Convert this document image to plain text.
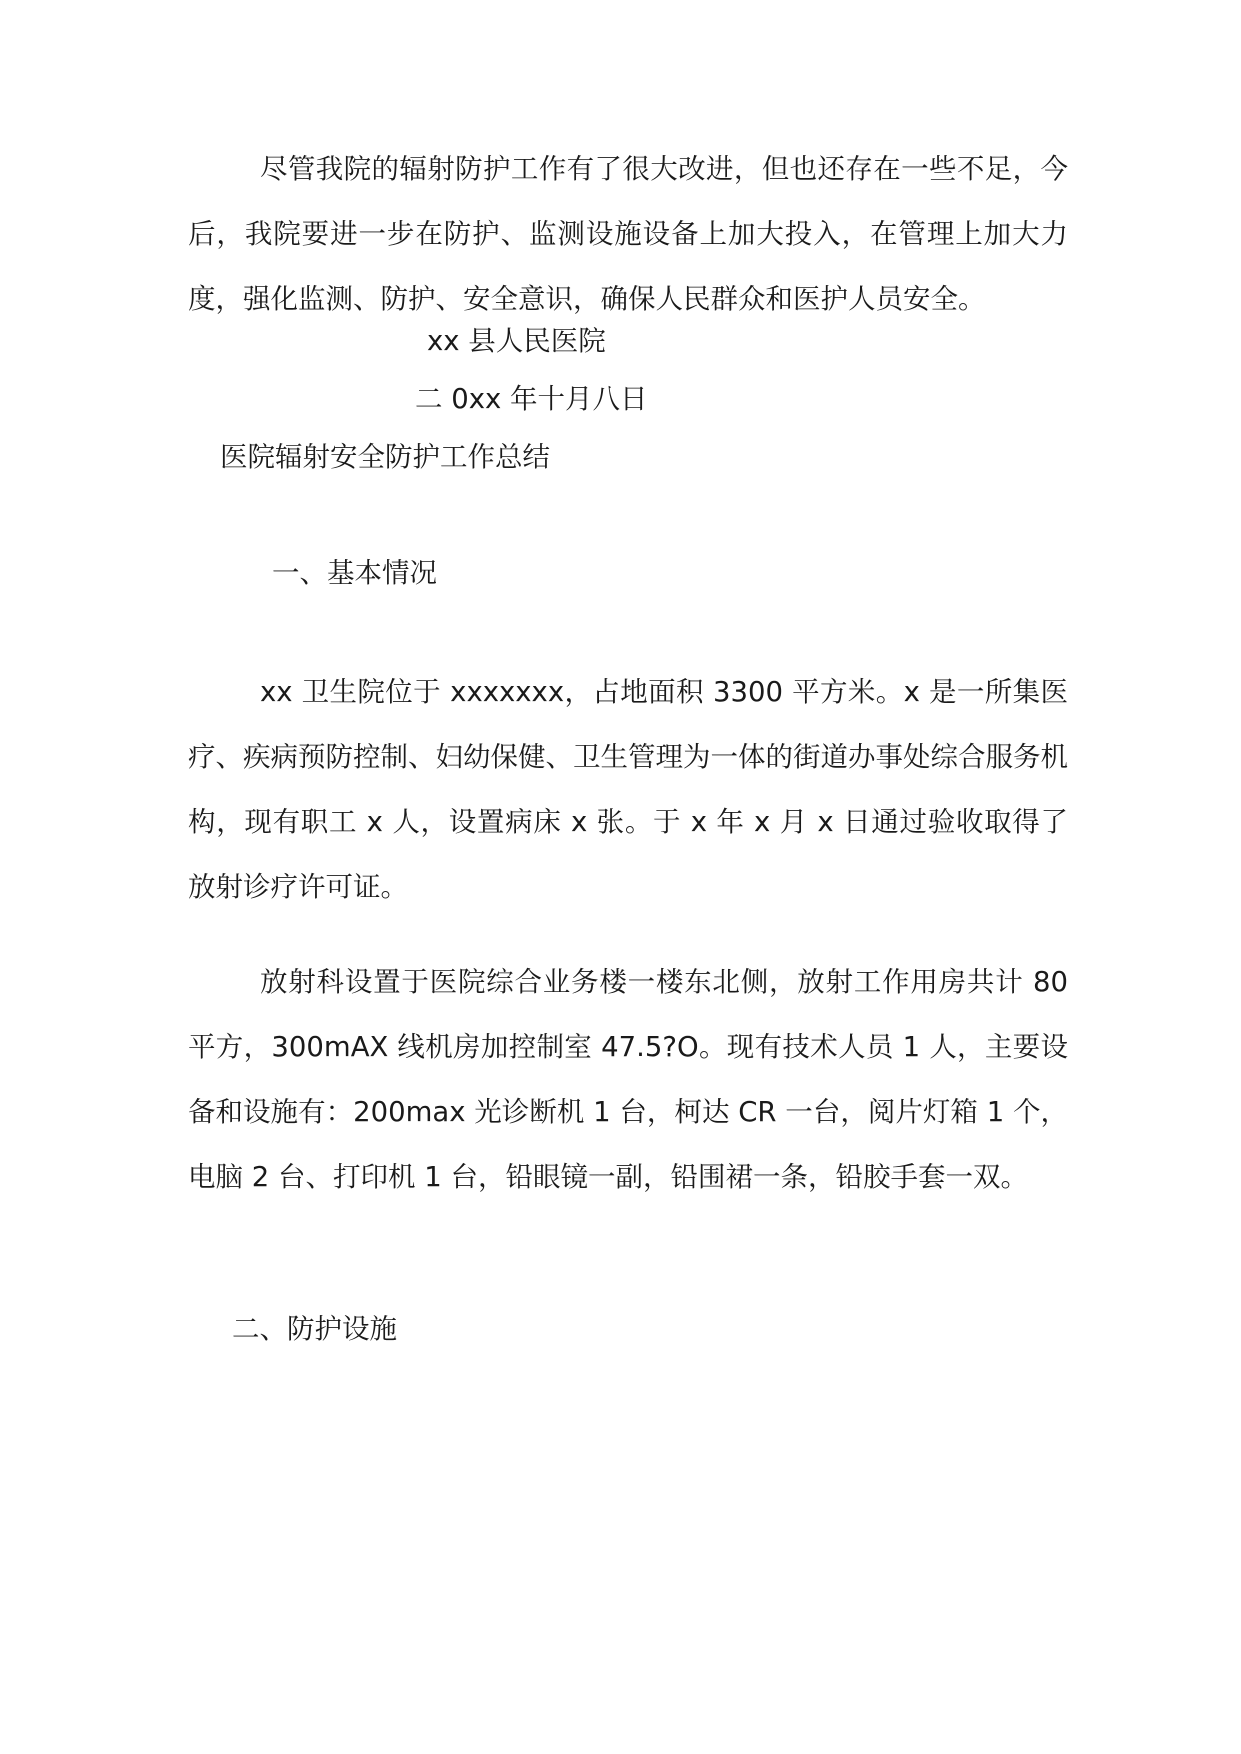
尽管我院的辐射防护工作有了很大改进，但也还存在一些不足，今后，我院要进一步在防护、监测设施设备上加大投入，在管理上加大力度，强化监测、防护、安全意识，确保人民群众和医护人员安全。

xx 县人民医院

二 0xx 年十月八日

医院辐射安全防护工作总结

一、基本情况

xx 卫生院位于 xxxxxxx，占地面积 3300 平方米。x 是一所集医疗、疾病预防控制、妇幼保健、卫生管理为一体的街道办事处综合服务机构，现有职工 x 人，设置病床 x 张。于 x 年 x 月 x 日通过验收取得了放射诊疗许可证。

放射科设置于医院综合业务楼一楼东北侧，放射工作用房共计 80 平方，300mAX 线机房加控制室 47.5?O。现有技术人员 1 人，主要设备和设施有：200max 光诊断机 1 台，柯达 CR 一台，阅片灯箱 1 个，电脑 2 台、打印机 1 台，铅眼镜一副，铅围裙一条，铅胶手套一双。

二、防护设施
